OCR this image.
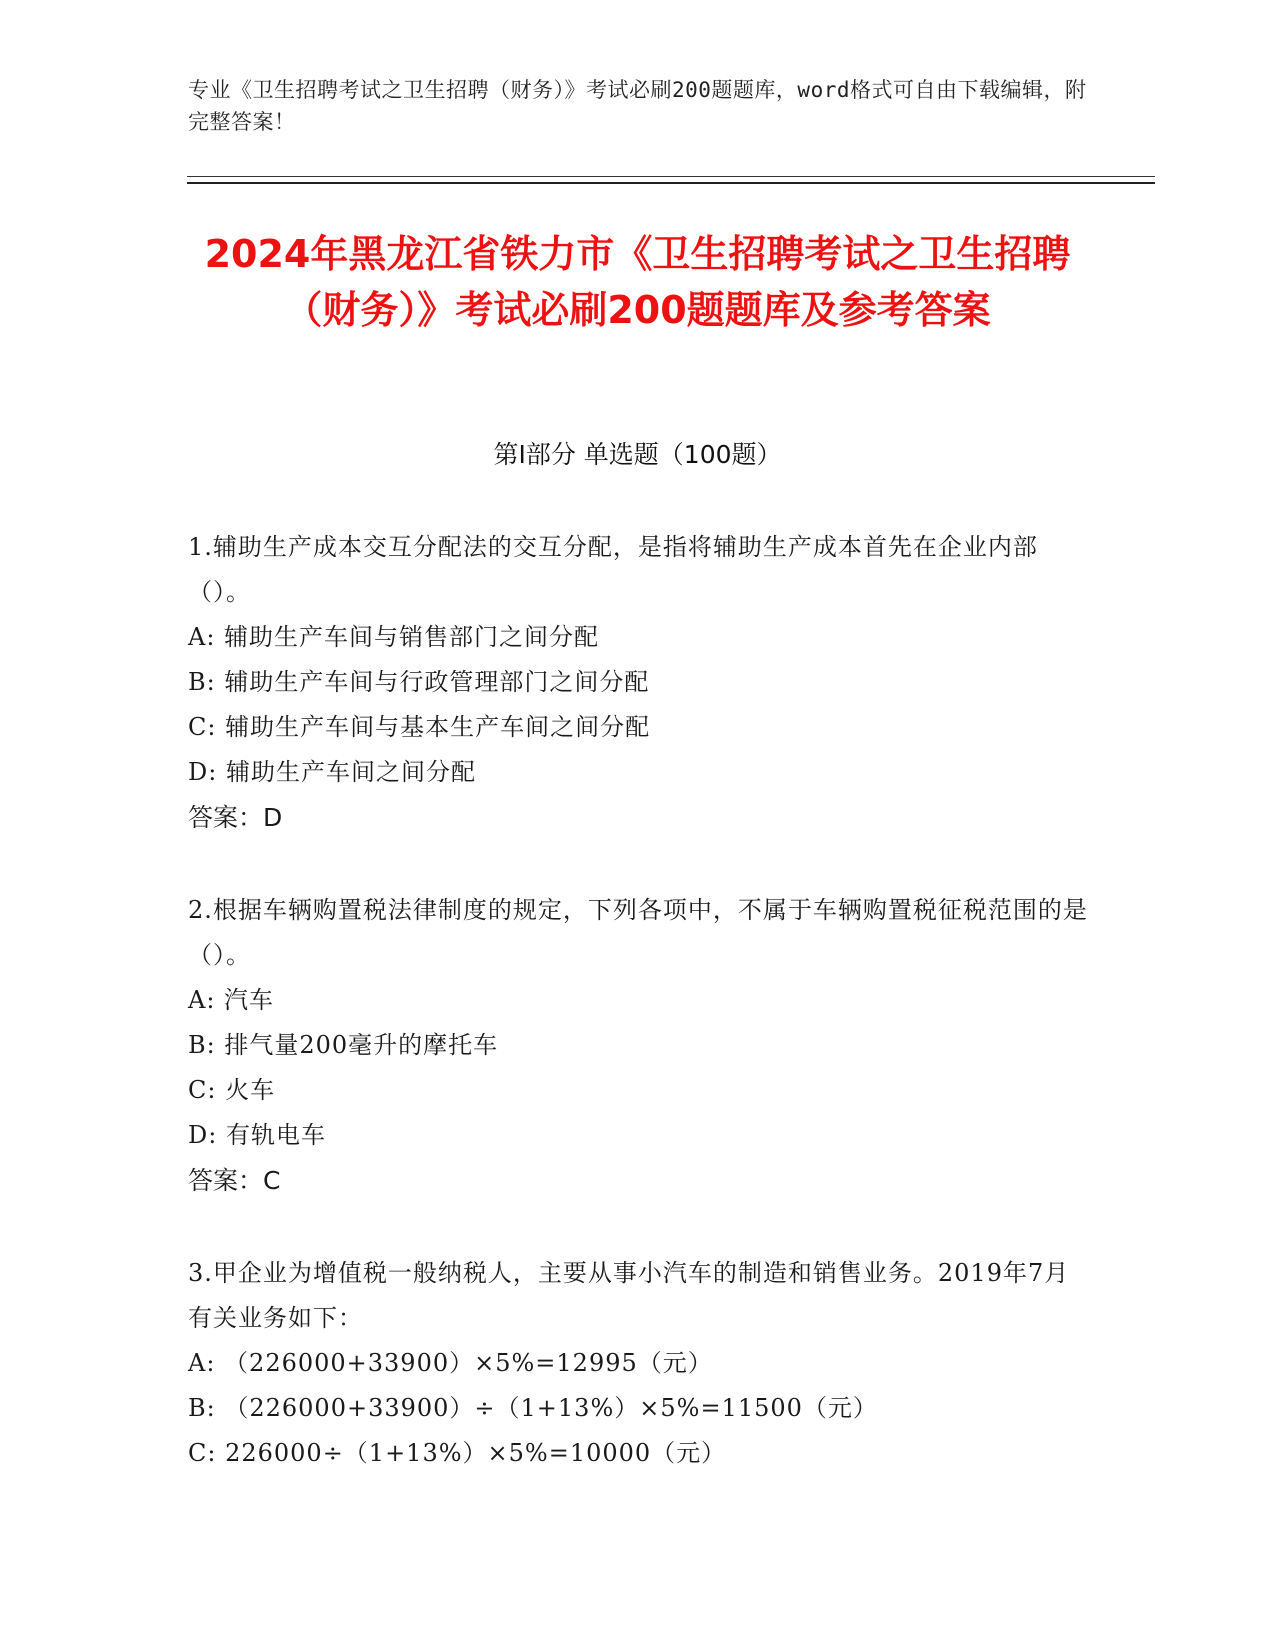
专业《卫生招聘考试之卫生招聘（财务）》考试必刷200题题库，word格式可自由下载编辑，附完整答案！
2024年黑龙江省铁力市《卫生招聘考试之卫生招聘（财务）》考试必刷200题题库及参考答案
第I部分 单选题（100题）
1.辅助生产成本交互分配法的交互分配，是指将辅助生产成本首先在企业内部（）。
A: 辅助生产车间与销售部门之间分配
B: 辅助生产车间与行政管理部门之间分配
C: 辅助生产车间与基本生产车间之间分配
D: 辅助生产车间之间分配
答案：D
2.根据车辆购置税法律制度的规定，下列各项中，不属于车辆购置税征税范围的是（）。
A: 汽车
B: 排气量200毫升的摩托车
C: 火车
D: 有轨电车
答案：C
3.甲企业为增值税一般纳税人，主要从事小汽车的制造和销售业务。2019年7月有关业务如下：
A: （226000+33900）×5%=12995（元）
B: （226000+33900）÷（1+13%）×5%=11500（元）
C: 226000÷（1+13%）×5%=10000（元）
